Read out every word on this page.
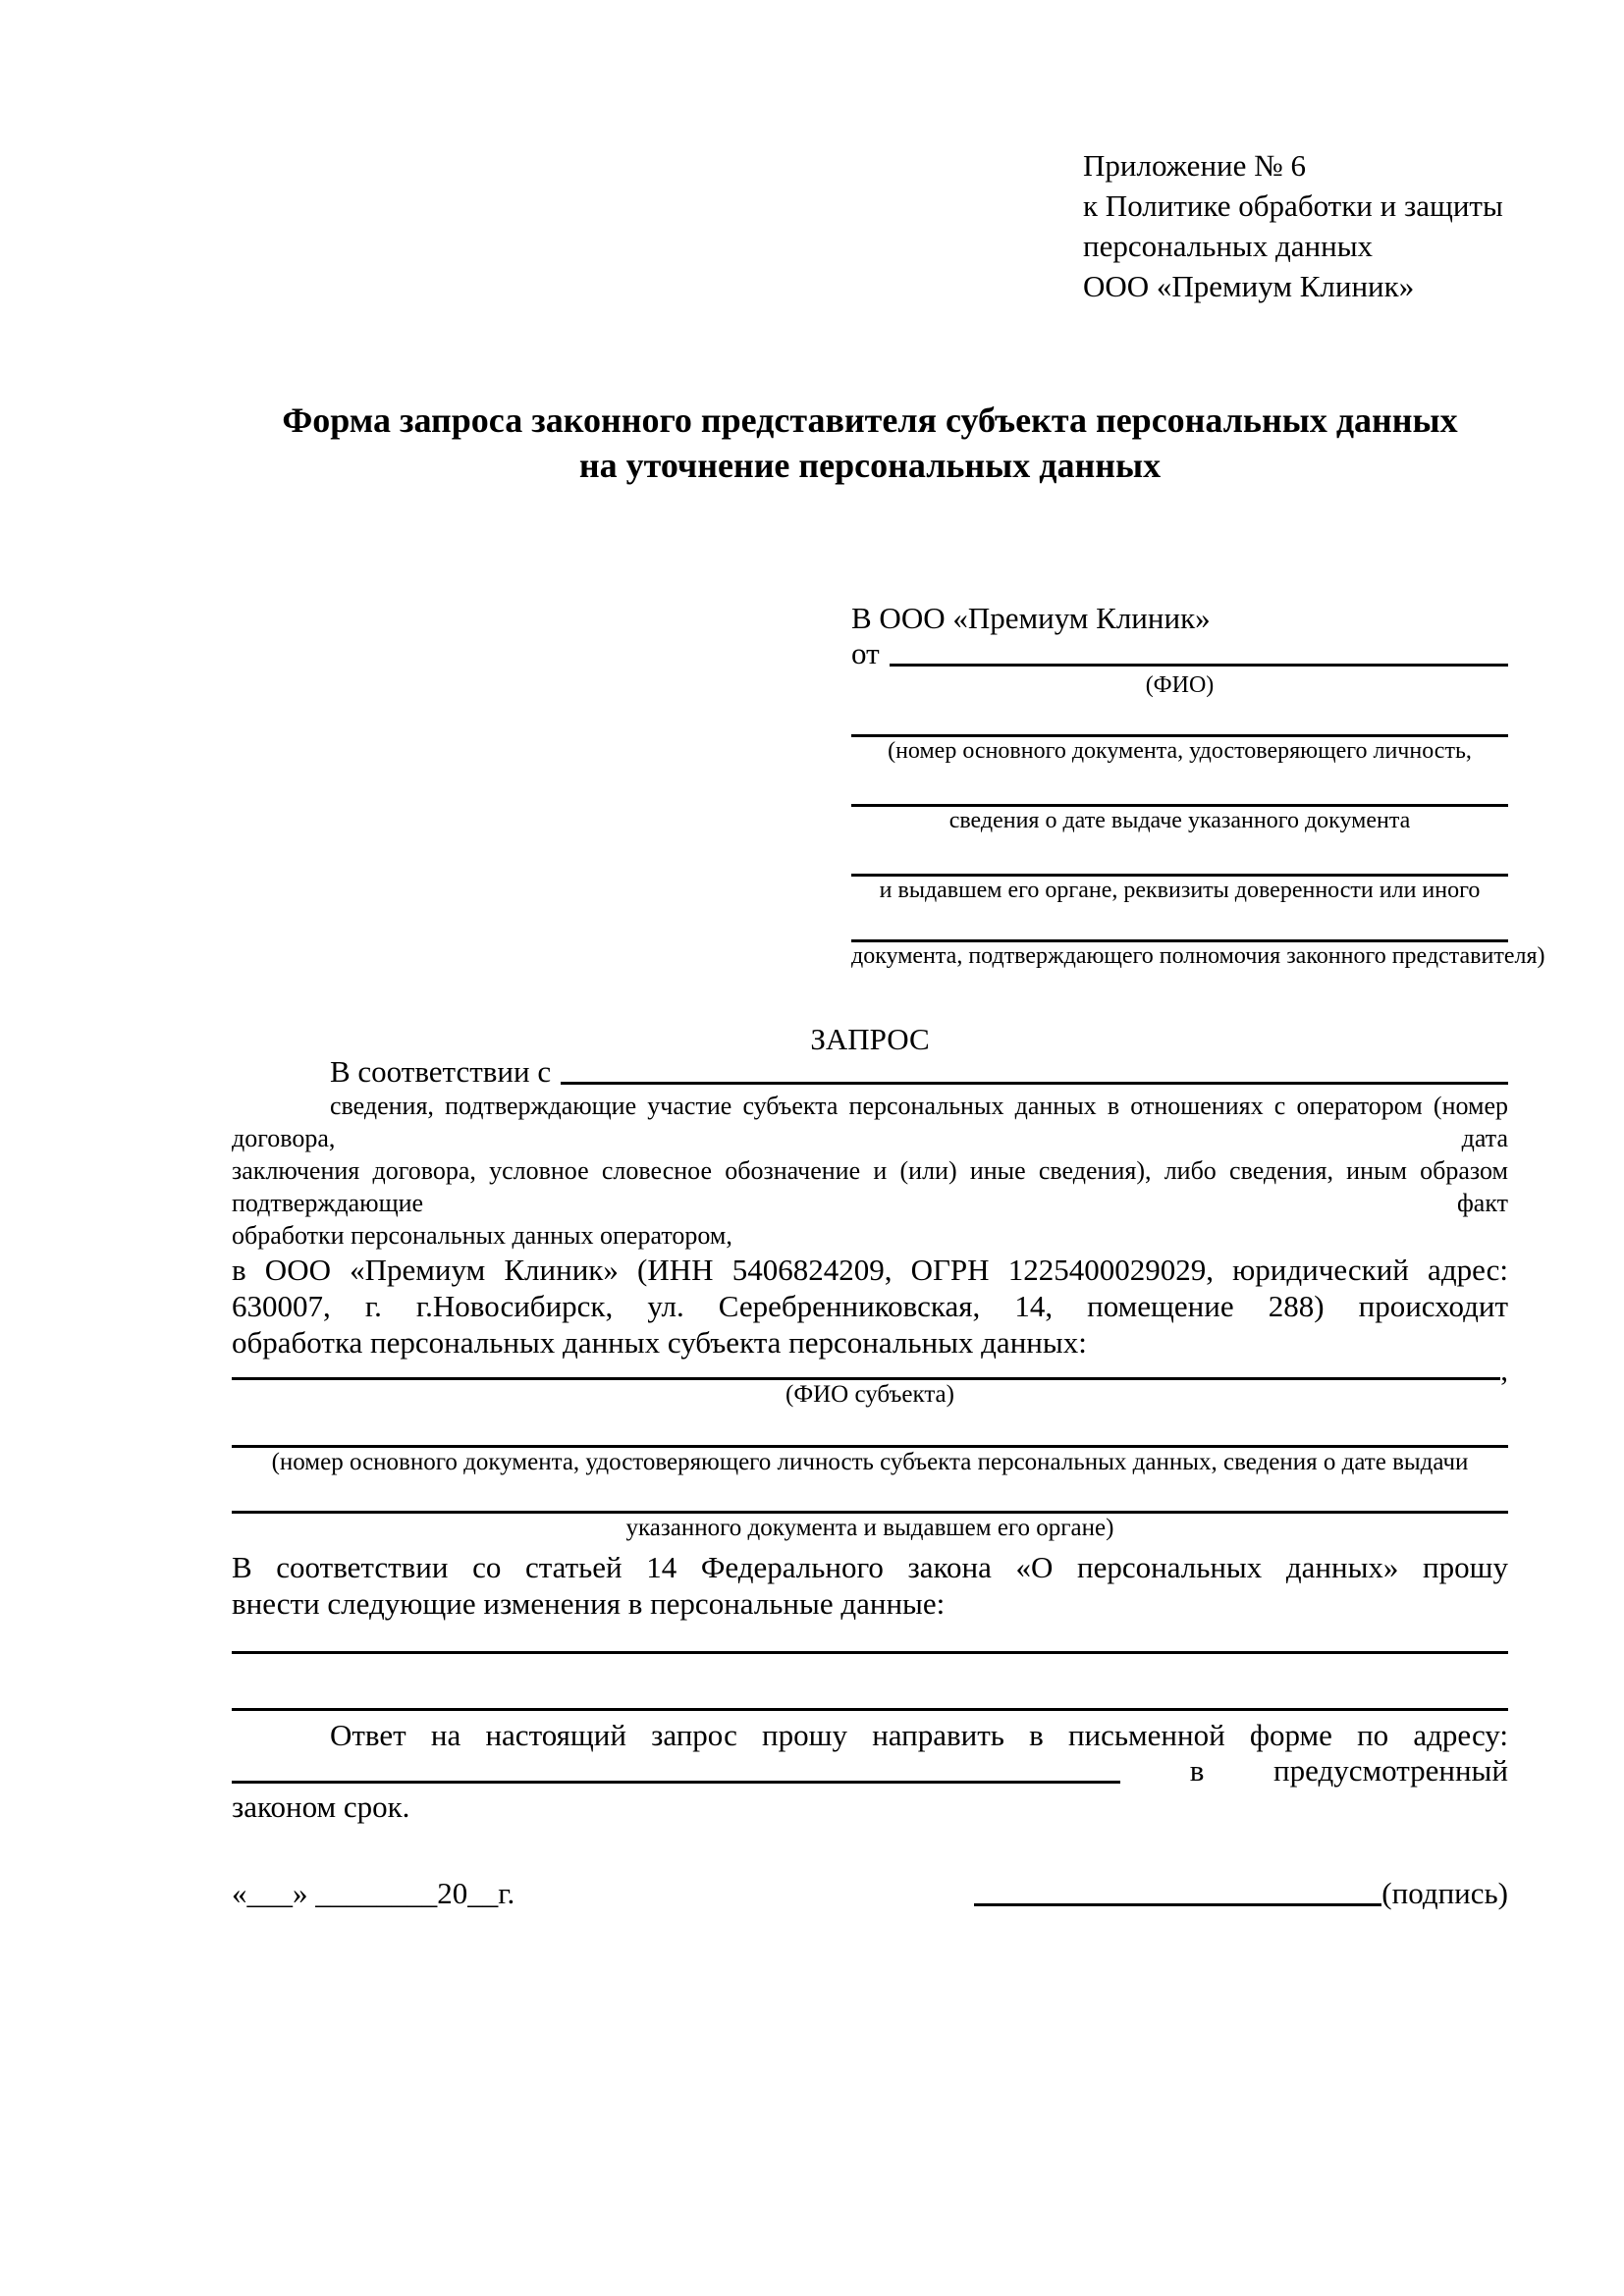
Приложение № 6
к Политике обработки и защиты
персональных данных
ООО «Премиум Клиник»
Форма запроса законного представителя субъекта персональных данных
на уточнение персональных данных
В ООО «Премиум Клиник»
от
(ФИО)
(номер основного документа, удостоверяющего личность,
сведения о дате выдаче указанного документа
и выдавшем его органе, реквизиты доверенности или иного
документа, подтверждающего полномочия законного представителя)
ЗАПРОС
В соответствии с
сведения, подтверждающие участие субъекта персональных данных в отношениях с оператором (номер договора, дата
заключения договора, условное словесное обозначение и (или) иные сведения), либо сведения, иным образом подтверждающие факт
обработки персональных данных оператором,
в ООО «Премиум Клиник» (ИНН 5406824209, ОГРН 1225400029029, юридический адрес:
630007, г. г.Новосибирск, ул. Серебренниковская, 14, помещение 288) происходит
обработка персональных данных субъекта персональных данных:
,
(ФИО субъекта)
(номер основного документа, удостоверяющего личность субъекта персональных данных, сведения о дате выдачи
указанного документа и выдавшем его органе)
В соответствии со статьей 14 Федерального закона «О персональных данных» прошу
внести следующие изменения в персональные данные:
Ответ на настоящий запрос прошу направить в письменной форме по адресу:
в предусмотренный
законом срок.
«___» ________20__г.	(подпись)
